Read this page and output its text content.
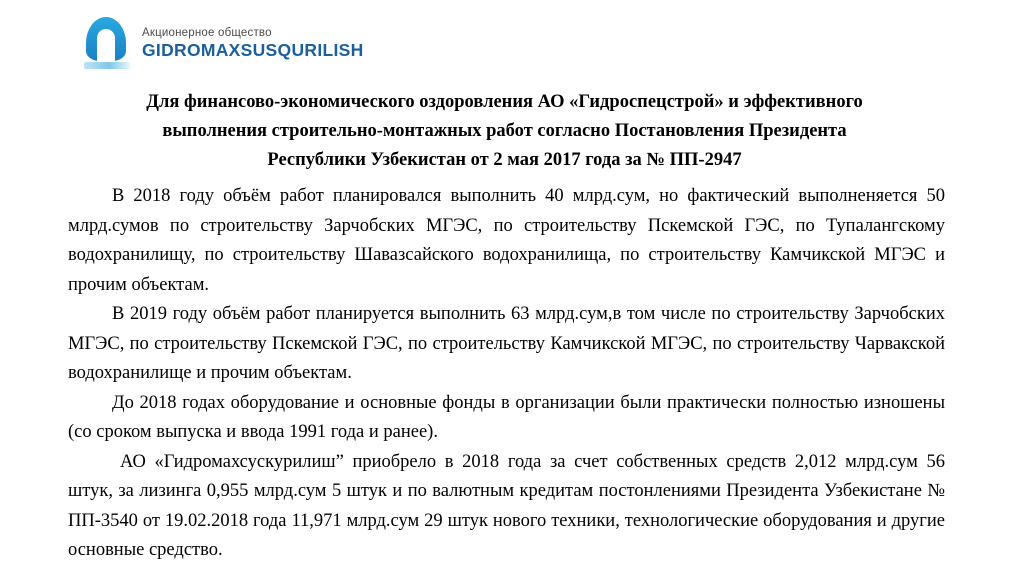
Акционерное общество
GIDROMAXSUSQURILISH
Для финансово-экономического оздоровления АО «Гидроспецстрой» и эффективного выполнения строительно-монтажных работ согласно Постановления Президента Республики Узбекистан от 2 мая 2017 года за № ПП-2947

В 2018 году объём работ планировался выполнить 40 млрд.сум, но фактический выполненяется 50 млрд.сумов по строительству Зарчобских МГЭС, по строительству Пскемской ГЭС, по Тупалангскому водохранилищу, по строительству Шавазсайского водохранилища, по строительству Камчикской МГЭС и прочим объектам.

В 2019 году объём работ планируется выполнить 63 млрд.сум,в том числе по строительству Зарчобских МГЭС, по строительству Пскемской ГЭС, по строительству Камчикской МГЭС, по строительству Чарвакской водохранилище и прочим объектам.

До 2018 годах оборудование и основные фонды в организации были практически полностью изношены (со сроком выпуска и ввода 1991 года и ранее).

АО «Гидромахсускурилиш” приобрело в 2018 года за счет собственных средств 2,012 млрд.сум 56 штук, за лизинга 0,955 млрд.сум 5 штук и по валютным кредитам постонлениями Президента Узбекистане № ПП-3540 от 19.02.2018 года 11,971 млрд.сум 29 штук нового техники, технологические оборудования и другие основные средство.
